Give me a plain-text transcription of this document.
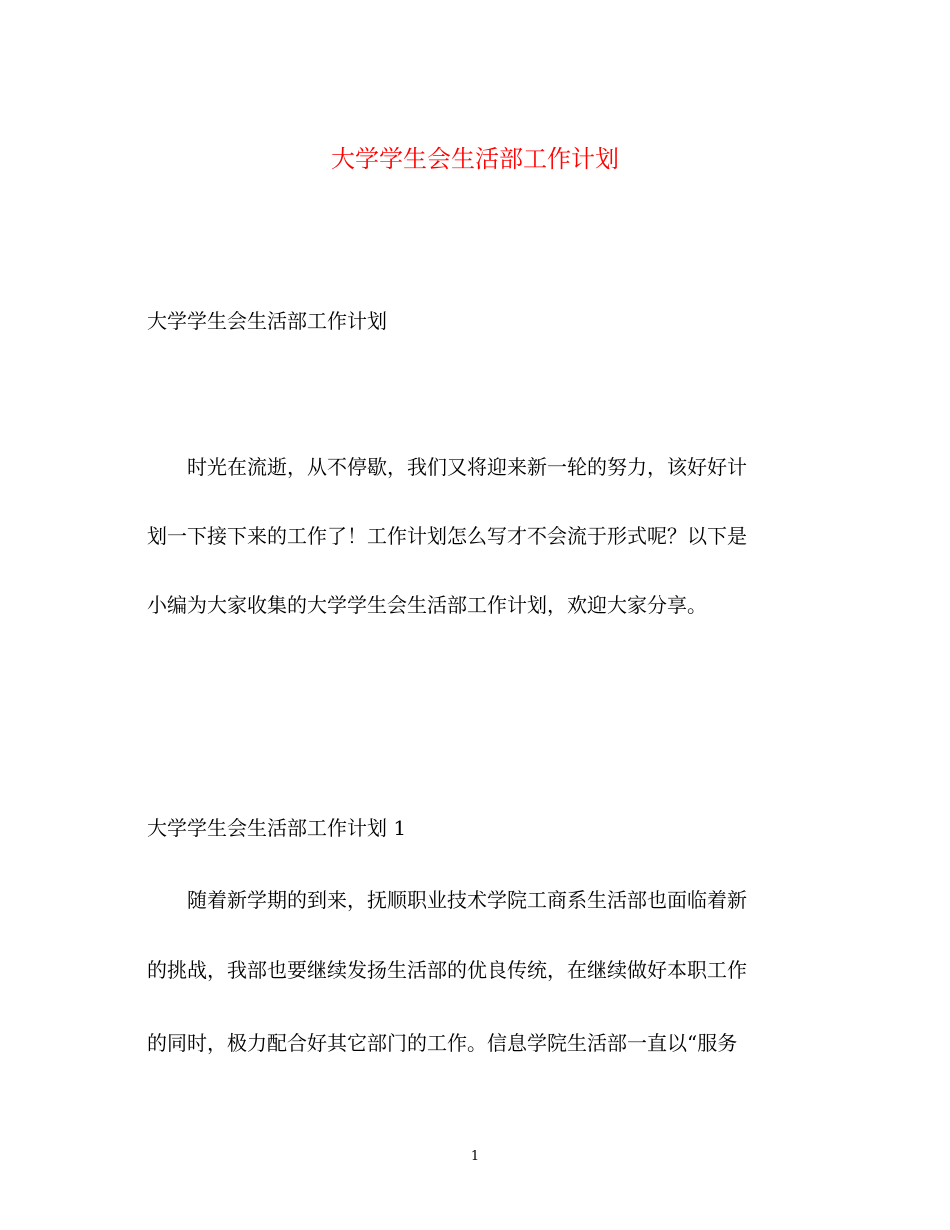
大学学生会生活部工作计划
大学学生会生活部工作计划
时光在流逝，从不停歇，我们又将迎来新一轮的努力，该好好计
划一下接下来的工作了！工作计划怎么写才不会流于形式呢？以下是
小编为大家收集的大学学生会生活部工作计划，欢迎大家分享。
大学学生会生活部工作计划 1
随着新学期的到来，抚顺职业技术学院工商系生活部也面临着新
的挑战，我部也要继续发扬生活部的优良传统，在继续做好本职工作
的同时，极力配合好其它部门的工作。信息学院生活部一直以“服务
1
